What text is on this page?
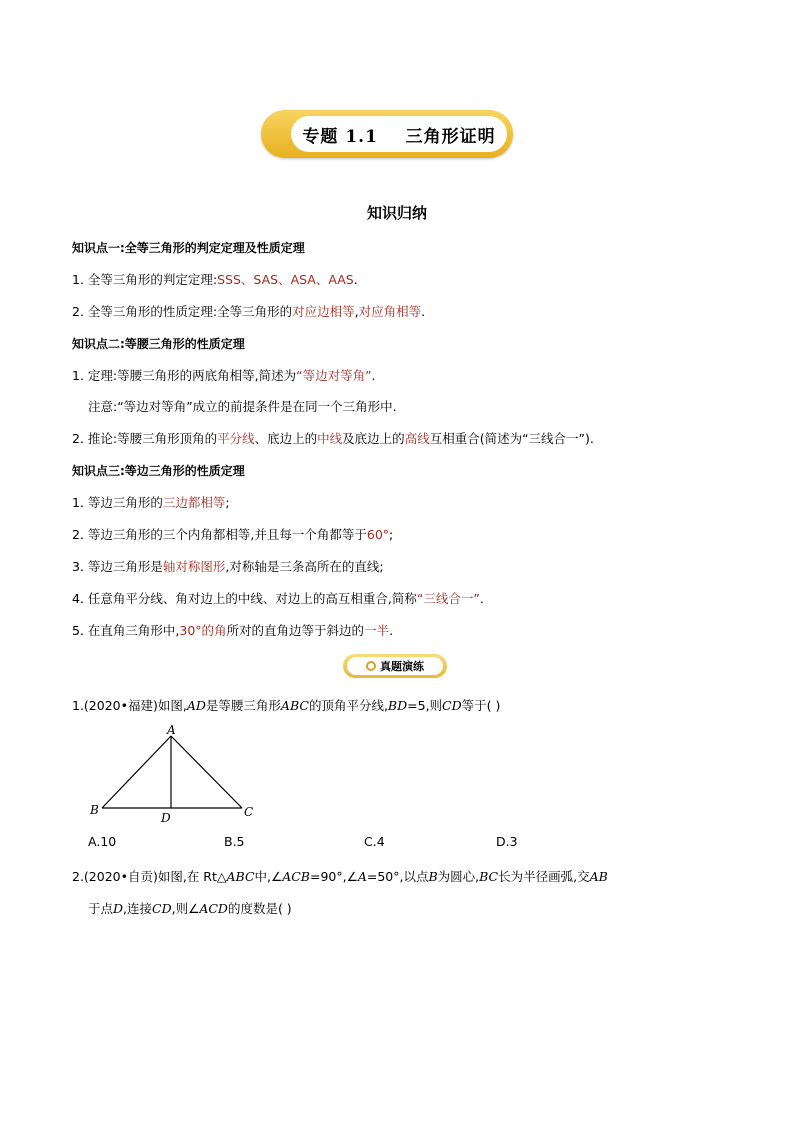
专题 1.1    三角形证明
知识归纳
知识点一:全等三角形的判定定理及性质定理
1. 全等三角形的判定定理:SSS、SAS、ASA、AAS.
2. 全等三角形的性质定理:全等三角形的对应边相等,对应角相等.
知识点二:等腰三角形的性质定理
1. 定理:等腰三角形的两底角相等,简述为“等边对等角”.
注意:“等边对等角”成立的前提条件是在同一个三角形中.
2. 推论:等腰三角形顶角的平分线、底边上的中线及底边上的高线互相重合(简述为“三线合一”).
知识点三:等边三角形的性质定理
1. 等边三角形的三边都相等;
2. 等边三角形的三个内角都相等,并且每一个角都等于60°;
3. 等边三角形是轴对称图形,对称轴是三条高所在的直线;
4. 任意角平分线、角对边上的中线、对边上的高互相重合,简称“三线合一”.
5. 在直角三角形中,30°的角所对的直角边等于斜边的一半.
真题演练
1.(2020•福建)如图,AD是等腰三角形ABC的顶角平分线,BD=5,则CD等于( )
A
B	C
D
A.10	B.5	C.4	D.3
2.(2020•自贡)如图,在 Rt△ABC中,∠ACB=90°,∠A=50°,以点B为圆心,BC长为半径画弧,交AB
于点D,连接CD,则∠ACD的度数是( )
